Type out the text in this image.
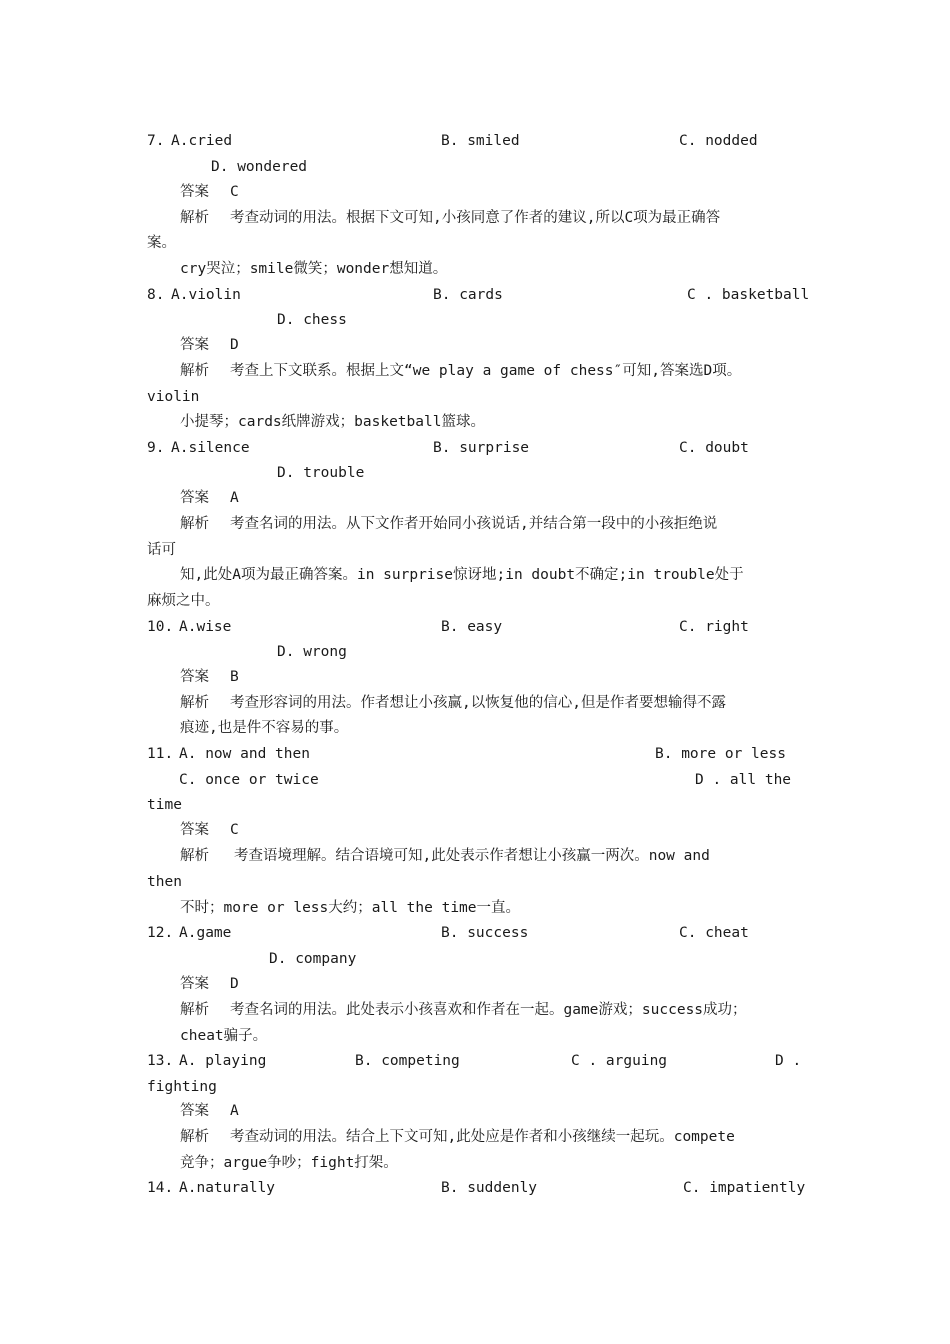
7. A.cried	B. smiled	C. nodded
D. wondered
答案 C
解析 考查动词的用法。根据下文可知,小孩同意了作者的建议,所以C项为最正确答
案。
cry哭泣；smile微笑；wonder想知道。
8. A.violin	B. cards	C . basketball
D. chess
答案 D
解析 考查上下文联系。根据上文“we play a game of chess″可知,答案选D项。
violin
小提琴；cards纸牌游戏；basketball篮球。
9. A.silence	B. surprise	C. doubt
D. trouble
答案 A
解析 考查名词的用法。从下文作者开始同小孩说话,并结合第一段中的小孩拒绝说
话可
知,此处A项为最正确答案。in surprise惊讶地;in doubt不确定;in trouble处于
麻烦之中。
10. A.wise	B. easy	C. right
D. wrong
答案 B
解析 考查形容词的用法。作者想让小孩赢,以恢复他的信心,但是作者要想输得不露
痕迹,也是件不容易的事。
11. A. now and then	B. more or less
C. once or twice	D . all the
time
答案 C
解析 考查语境理解。结合语境可知,此处表示作者想让小孩赢一两次。now and
then
不时；more or less大约；all the time一直。
12. A.game	B. success	C. cheat
D. company
答案 D
解析 考查名词的用法。此处表示小孩喜欢和作者在一起。game游戏；success成功；
cheat骗子。
13. A. playing	B. competing	C . arguing	D .
fighting
答案 A
解析 考查动词的用法。结合上下文可知,此处应是作者和小孩继续一起玩。compete
竞争；argue争吵；fight打架。
14. A.naturally	B. suddenly	C. impatiently
